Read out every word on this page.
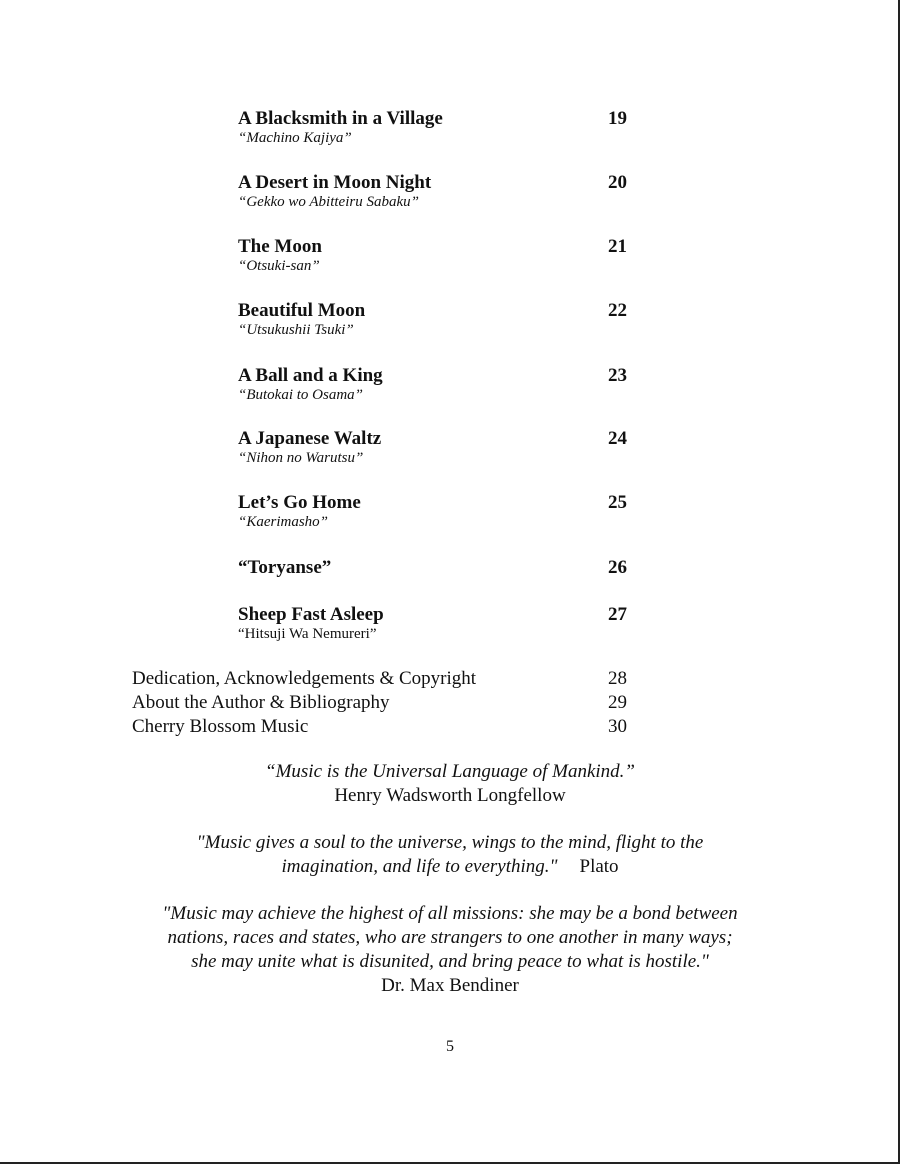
A Blacksmith in a Village	19
“Machino Kajiya”
A Desert in Moon Night	20
“Gekko wo Abitteiru Sabaku”
The Moon	21
“Otsuki-san”
Beautiful Moon	22
“Utsukushii Tsuki”
A Ball and a King	23
“Butokai to Osama”
A Japanese Waltz	24
“Nihon no Warutsu”
Let’s Go Home	25
“Kaerimasho”
“Toryanse”	26
Sheep Fast Asleep	27
“Hitsuji Wa Nemureri”
Dedication, Acknowledgements & Copyright	28
About the Author & Bibliography	29
Cherry Blossom Music	30
“Music is the Universal Language of Mankind.”
Henry Wadsworth Longfellow
"Music gives a soul to the universe, wings to the mind, flight to the
imagination, and life to everything." Plato
"Music may achieve the highest of all missions: she may be a bond between
nations, races and states, who are strangers to one another in many ways;
she may unite what is disunited, and bring peace to what is hostile."
Dr. Max Bendiner
5
